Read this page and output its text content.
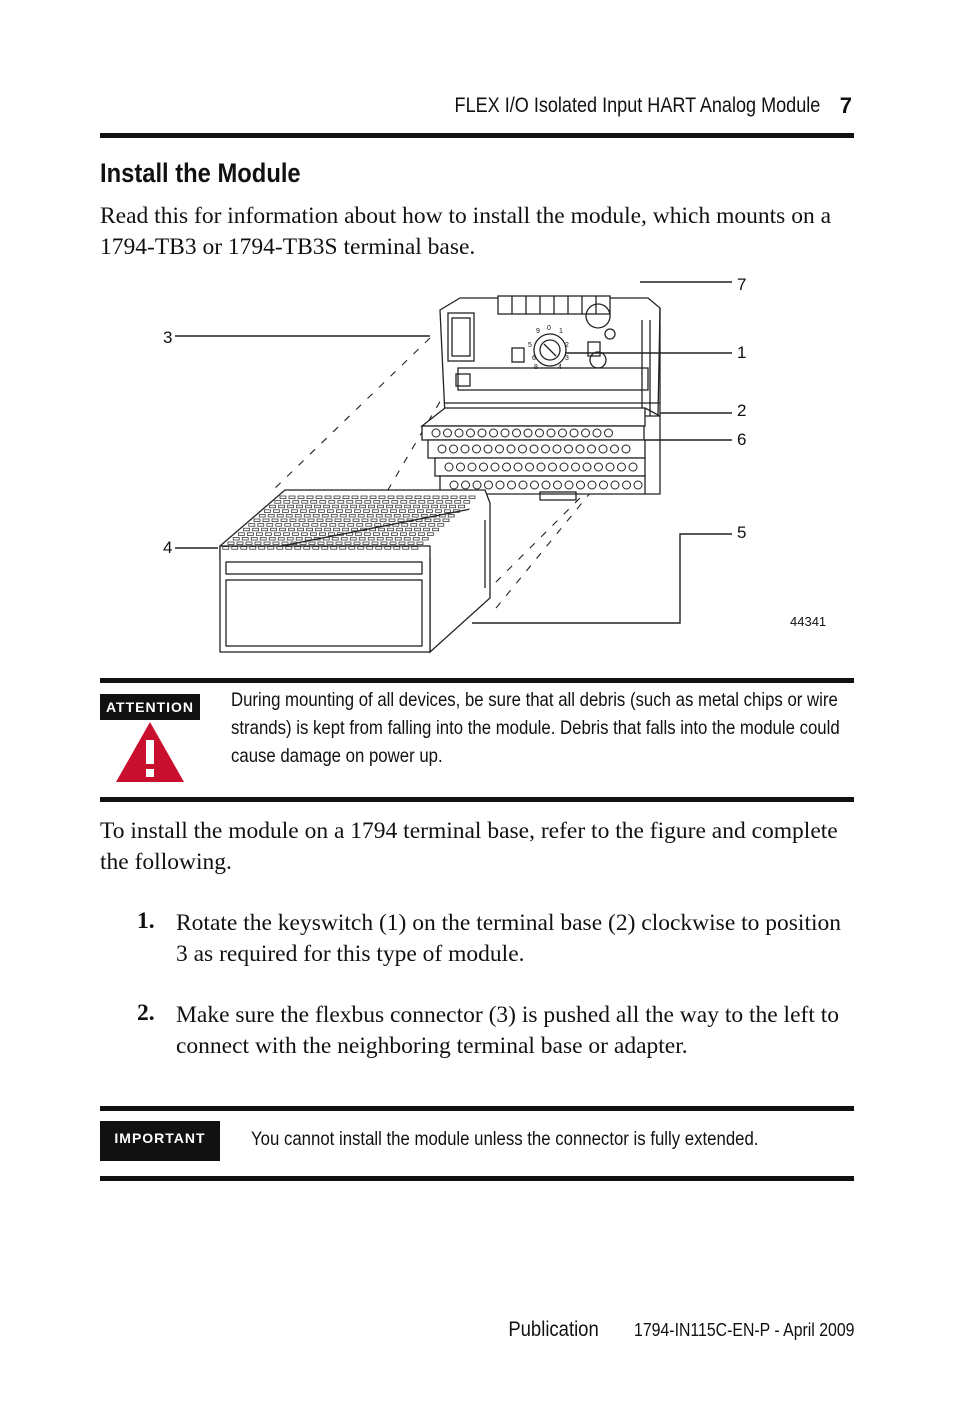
FLEX I/O Isolated Input HART Analog Module 7
Install the Module

Read this for information about how to install the module, which mounts on a 1794-TB3 or 1794-TB3S terminal base.

7
3
1
2
6
4
5
44341
9 0 1
2
3
4
5
6
8
ATTENTION	During mounting of all devices, be sure that all debris (such as metal chips or wire strands) is kept from falling into the module. Debris that falls into the module could cause damage on power up.

To install the module on a 1794 terminal base, refer to the figure and complete the following.

1. Rotate the keyswitch (1) on the terminal base (2) clockwise to position 3 as required for this type of module.
2. Make sure the flexbus connector (3) is pushed all the way to the left to connect with the neighboring terminal base or adapter.
IMPORTANT	You cannot install the module unless the connector is fully extended.
Publication 1794-IN115C-EN-P - April 2009
